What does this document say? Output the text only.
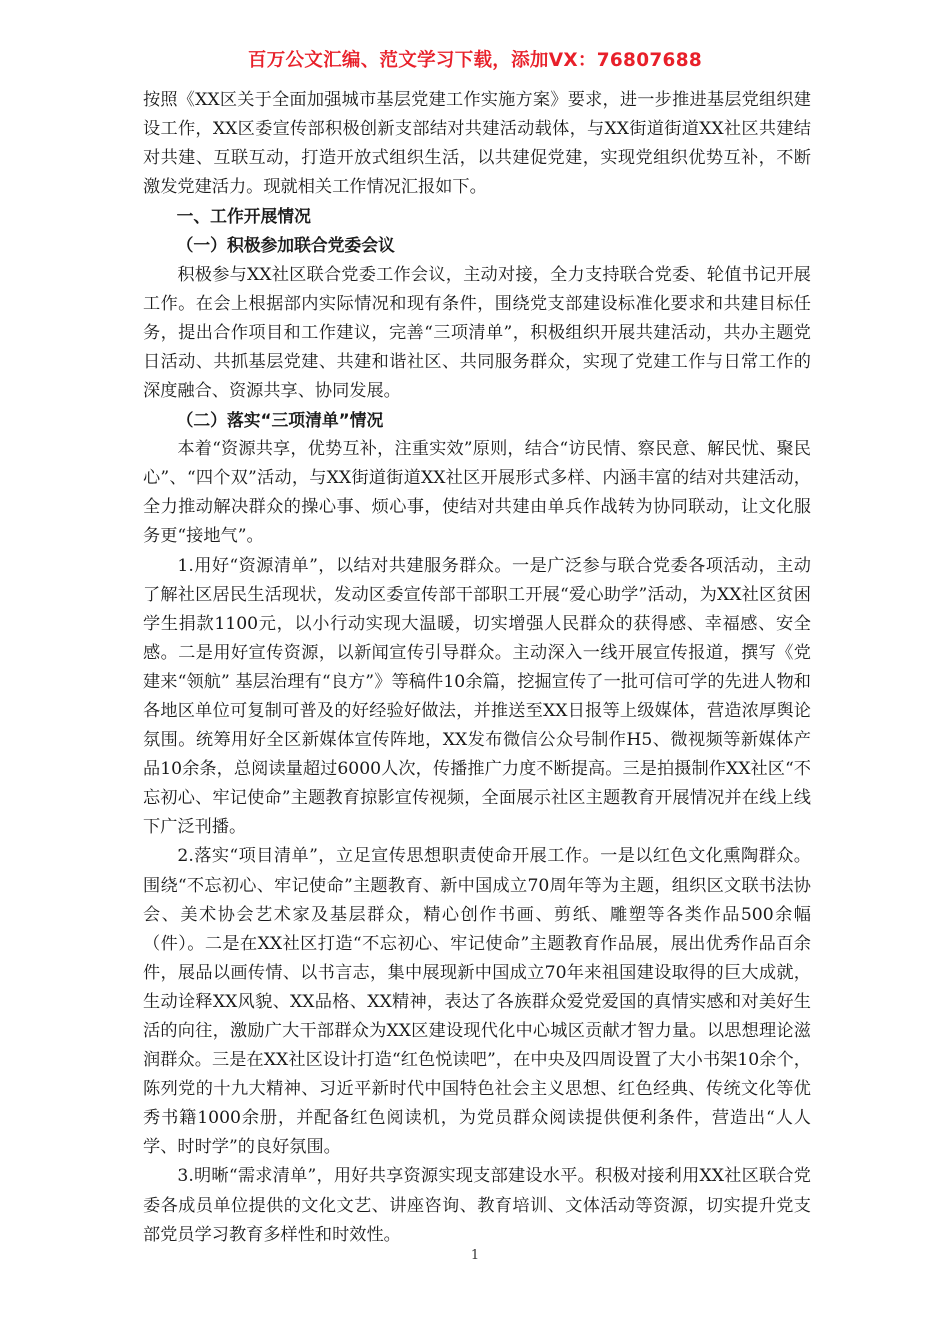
百万公文汇编、范文学习下载，添加VX：76807688

按照《XX区关于全面加强城市基层党建工作实施方案》要求，进一步推进基层党组织建设工作，XX区委宣传部积极创新支部结对共建活动载体，与XX街道街道XX社区共建结对共建、互联互动，打造开放式组织生活，以共建促党建，实现党组织优势互补，不断激发党建活力。现就相关工作情况汇报如下。

一、工作开展情况

（一）积极参加联合党委会议

积极参与XX社区联合党委工作会议，主动对接，全力支持联合党委、轮值书记开展工作。在会上根据部内实际情况和现有条件，围绕党支部建设标准化要求和共建目标任务，提出合作项目和工作建议，完善“三项清单”，积极组织开展共建活动，共办主题党日活动、共抓基层党建、共建和谐社区、共同服务群众，实现了党建工作与日常工作的深度融合、资源共享、协同发展。

（二）落实“三项清单”情况

本着“资源共享，优势互补，注重实效”原则，结合“访民情、察民意、解民忧、聚民心”、“四个双”活动，与XX街道街道XX社区开展形式多样、内涵丰富的结对共建活动，全力推动解决群众的操心事、烦心事，使结对共建由单兵作战转为协同联动，让文化服务更“接地气”。

1.用好“资源清单”，以结对共建服务群众。一是广泛参与联合党委各项活动，主动了解社区居民生活现状，发动区委宣传部干部职工开展“爱心助学”活动，为XX社区贫困学生捐款1100元，以小行动实现大温暖，切实增强人民群众的获得感、幸福感、安全感。二是用好宣传资源，以新闻宣传引导群众。主动深入一线开展宣传报道，撰写《党建来“领航” 基层治理有“良方”》等稿件10余篇，挖掘宣传了一批可信可学的先进人物和各地区单位可复制可普及的好经验好做法，并推送至XX日报等上级媒体，营造浓厚舆论氛围。统筹用好全区新媒体宣传阵地，XX发布微信公众号制作H5、微视频等新媒体产品10余条，总阅读量超过6000人次，传播推广力度不断提高。三是拍摄制作XX社区“不忘初心、牢记使命”主题教育掠影宣传视频，全面展示社区主题教育开展情况并在线上线下广泛刊播。

2.落实“项目清单”，立足宣传思想职责使命开展工作。一是以红色文化熏陶群众。围绕“不忘初心、牢记使命”主题教育、新中国成立70周年等为主题，组织区文联书法协会、美术协会艺术家及基层群众，精心创作书画、剪纸、雕塑等各类作品500余幅（件）。二是在XX社区打造“不忘初心、牢记使命”主题教育作品展，展出优秀作品百余件，展品以画传情、以书言志，集中展现新中国成立70年来祖国建设取得的巨大成就，生动诠释XX风貌、XX品格、XX精神，表达了各族群众爱党爱国的真情实感和对美好生活的向往，激励广大干部群众为XX区建设现代化中心城区贡献才智力量。以思想理论滋润群众。三是在XX社区设计打造“红色悦读吧”，在中央及四周设置了大小书架10余个，陈列党的十九大精神、习近平新时代中国特色社会主义思想、红色经典、传统文化等优秀书籍1000余册，并配备红色阅读机，为党员群众阅读提供便利条件，营造出“人人学、时时学”的良好氛围。

3.明晰“需求清单”，用好共享资源实现支部建设水平。积极对接利用XX社区联合党委各成员单位提供的文化文艺、讲座咨询、教育培训、文体活动等资源，切实提升党支部党员学习教育多样性和时效性。

1
